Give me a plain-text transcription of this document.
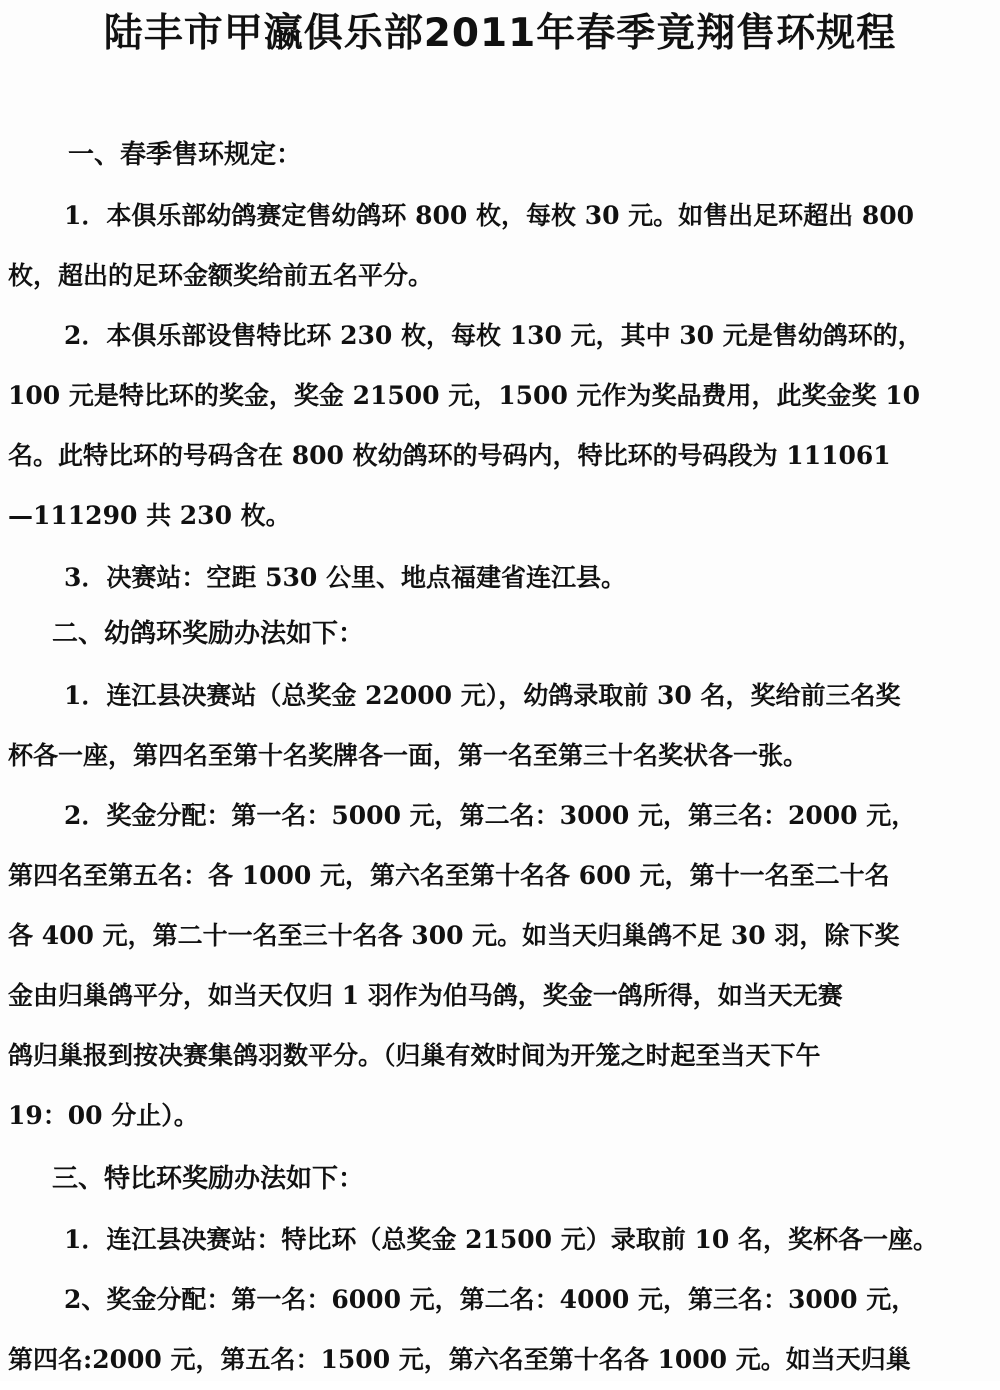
陆丰市甲瀛俱乐部2011年春季竟翔售环规程
一、春季售环规定：
1．本俱乐部幼鸽赛定售幼鸽环 800 枚，每枚 30 元。如售出足环超出 800
枚，超出的足环金额奖给前五名平分。
2．本俱乐部设售特比环 230 枚，每枚 130 元，其中 30 元是售幼鸽环的，
100 元是特比环的奖金，奖金 21500 元，1500 元作为奖品费用，此奖金奖 10
名。此特比环的号码含在 800 枚幼鸽环的号码内，特比环的号码段为 111061
—111290 共 230 枚。
3．决赛站：空距 530 公里、地点福建省连江县。
二、幼鸽环奖励办法如下：
1．连江县决赛站（总奖金 22000 元），幼鸽录取前 30 名，奖给前三名奖
杯各一座，第四名至第十名奖牌各一面，第一名至第三十名奖状各一张。
2．奖金分配：第一名：5000 元，第二名：3000 元，第三名：2000 元，
第四名至第五名：各 1000 元，第六名至第十名各 600 元，第十一名至二十名
各 400 元，第二十一名至三十名各 300 元。如当天归巢鸽不足 30 羽，除下奖
金由归巢鸽平分，如当天仅归 1 羽作为伯马鸽，奖金一鸽所得，如当天无赛
鸽归巢报到按决赛集鸽羽数平分。（归巢有效时间为开笼之时起至当天下午
19：00 分止）。
三、特比环奖励办法如下：
1．连江县决赛站：特比环（总奖金 21500 元）录取前 10 名，奖杯各一座。
2、奖金分配：第一名：6000 元，第二名：4000 元，第三名：3000 元，
第四名:2000 元，第五名：1500 元，第六名至第十名各 1000 元。如当天归巢
